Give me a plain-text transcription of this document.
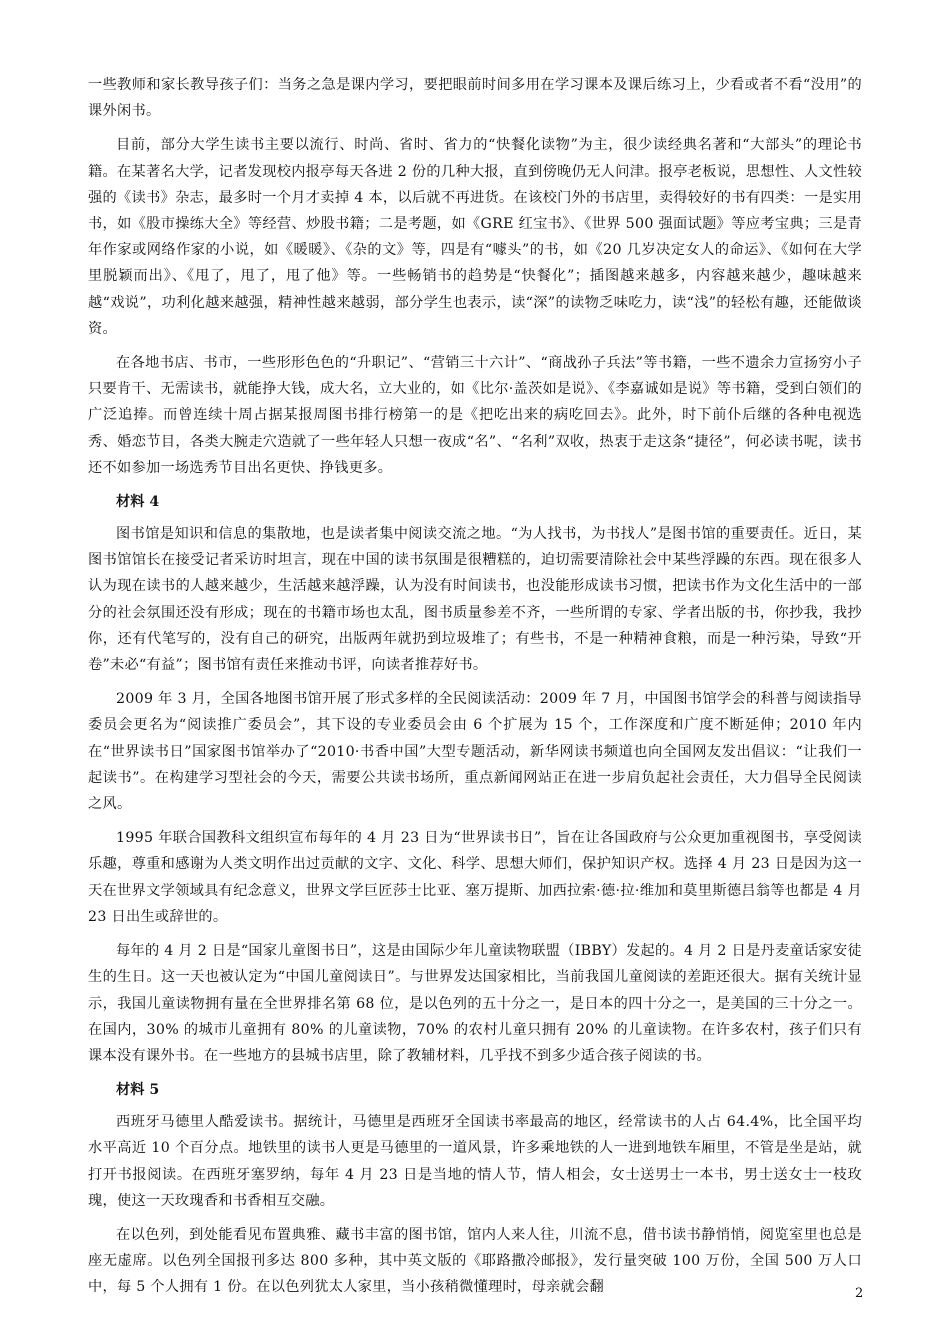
一些教师和家长教导孩子们：当务之急是课内学习，要把眼前时间多用在学习课本及课后练习上，少看或者不看“没用”的课外闲书。

目前，部分大学生读书主要以流行、时尚、省时、省力的“快餐化读物”为主，很少读经典名著和“大部头”的理论书籍。在某著名大学，记者发现校内报亭每天各进 2 份的几种大报，直到傍晚仍无人问津。报亭老板说，思想性、人文性较强的《读书》杂志，最多时一个月才卖掉 4 本，以后就不再进货。在该校门外的书店里，卖得较好的书有四类：一是实用书，如《股市操练大全》等经营、炒股书籍；二是考题，如《GRE 红宝书》、《世界 500 强面试题》等应考宝典；三是青年作家或网络作家的小说，如《暖暖》、《杂的文》等，四是有“噱头”的书，如《20 几岁决定女人的命运》、《如何在大学里脱颖而出》、《甩了，甩了，甩了他》等。一些畅销书的趋势是“快餐化”；插图越来越多，内容越来越少，趣味越来越“戏说”，功利化越来越强，精神性越来越弱，部分学生也表示，读“深”的读物乏味吃力，读“浅”的轻松有趣，还能做谈资。

在各地书店、书市，一些形形色色的“升职记”、“营销三十六计”、“商战孙子兵法”等书籍，一些不遗余力宣扬穷小子只要肯干、无需读书，就能挣大钱，成大名，立大业的，如《比尔·盖茨如是说》、《李嘉诚如是说》等书籍，受到白领们的广泛追捧。而曾连续十周占据某报周图书排行榜第一的是《把吃出来的病吃回去》。此外，时下前仆后继的各种电视选秀、婚恋节目，各类大腕走穴造就了一些年轻人只想一夜成“名”、“名利”双收，热衷于走这条“捷径”，何必读书呢，读书还不如参加一场选秀节目出名更快、挣钱更多。

材料 4

图书馆是知识和信息的集散地，也是读者集中阅读交流之地。“为人找书，为书找人”是图书馆的重要责任。近日，某图书馆馆长在接受记者采访时坦言，现在中国的读书氛围是很糟糕的，迫切需要清除社会中某些浮躁的东西。现在很多人认为现在读书的人越来越少，生活越来越浮躁，认为没有时间读书，也没能形成读书习惯，把读书作为文化生活中的一部分的社会氛围还没有形成；现在的书籍市场也太乱，图书质量参差不齐，一些所谓的专家、学者出版的书，你抄我，我抄你，还有代笔写的，没有自己的研究，出版两年就扔到垃圾堆了；有些书，不是一种精神食粮，而是一种污染，导致“开卷”未必“有益”；图书馆有责任来推动书评，向读者推荐好书。

2009 年 3 月，全国各地图书馆开展了形式多样的全民阅读活动：2009 年 7 月，中国图书馆学会的科普与阅读指导委员会更名为“阅读推广委员会”，其下设的专业委员会由 6 个扩展为 15 个，工作深度和广度不断延伸；2010 年内在“世界读书日”国家图书馆举办了“2010·书香中国”大型专题活动，新华网读书频道也向全国网友发出倡议：“让我们一起读书”。在构建学习型社会的今天，需要公共读书场所，重点新闻网站正在进一步肩负起社会责任，大力倡导全民阅读之风。

1995 年联合国教科文组织宣布每年的 4 月 23 日为“世界读书日”，旨在让各国政府与公众更加重视图书，享受阅读乐趣，尊重和感谢为人类文明作出过贡献的文字、文化、科学、思想大师们，保护知识产权。选择 4 月 23 日是因为这一天在世界文学领域具有纪念意义，世界文学巨匠莎士比亚、塞万提斯、加西拉索·德·拉·维加和莫里斯德吕翁等也都是 4 月 23 日出生或辞世的。

每年的 4 月 2 日是“国家儿童图书日”，这是由国际少年儿童读物联盟（IBBY）发起的。4 月 2 日是丹麦童话家安徒生的生日。这一天也被认定为“中国儿童阅读日”。与世界发达国家相比，当前我国儿童阅读的差距还很大。据有关统计显示，我国儿童读物拥有量在全世界排名第 68 位，是以色列的五十分之一，是日本的四十分之一，是美国的三十分之一。在国内，30% 的城市儿童拥有 80% 的儿童读物，70% 的农村儿童只拥有 20% 的儿童读物。在许多农村，孩子们只有课本没有课外书。在一些地方的县城书店里，除了教辅材料，几乎找不到多少适合孩子阅读的书。

材料 5

西班牙马德里人酷爱读书。据统计，马德里是西班牙全国读书率最高的地区，经常读书的人占 64.4%，比全国平均水平高近 10 个百分点。地铁里的读书人更是马德里的一道风景，许多乘地铁的人一进到地铁车厢里，不管是坐是站，就打开书报阅读。在西班牙塞罗纳，每年 4 月 23 日是当地的情人节，情人相会，女士送男士一本书，男士送女士一枝玫瑰，使这一天玫瑰香和书香相互交融。

在以色列，到处能看见布置典雅、藏书丰富的图书馆，馆内人来人往，川流不息，借书读书静悄悄，阅览室里也总是座无虚席。以色列全国报刊多达 800 多种，其中英文版的《耶路撒冷邮报》，发行量突破 100 万份，全国 500 万人口中，每 5 个人拥有 1 份。在以色列犹太人家里，当小孩稍微懂理时，母亲就会翻	2
